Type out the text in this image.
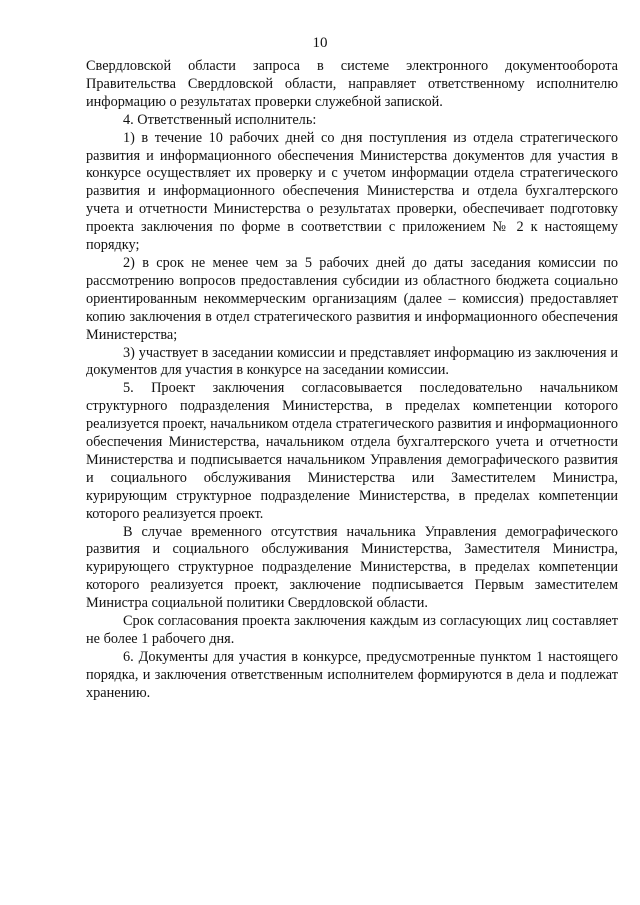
10

Свердловской области запроса в системе электронного документооборота Правительства Свердловской области, направляет ответственному исполнителю информацию о результатах проверки служебной запиской.

4. Ответственный исполнитель:

1) в течение 10 рабочих дней со дня поступления из отдела стратегического развития и информационного обеспечения Министерства документов для участия в конкурсе осуществляет их проверку и с учетом информации отдела стратегического развития и информационного обеспечения Министерства и отдела бухгалтерского учета и отчетности Министерства о результатах проверки, обеспечивает подготовку проекта заключения по форме в соответствии с приложением № 2 к настоящему порядку;

2) в срок не менее чем за 5 рабочих дней до даты заседания комиссии по рассмотрению вопросов предоставления субсидии из областного бюджета социально ориентированным некоммерческим организациям (далее – комиссия) предоставляет копию заключения в отдел стратегического развития и информационного обеспечения Министерства;

3) участвует в заседании комиссии и представляет информацию из заключения и документов для участия в конкурсе на заседании комиссии.

5. Проект заключения согласовывается последовательно начальником структурного подразделения Министерства, в пределах компетенции которого реализуется проект, начальником отдела стратегического развития и информационного обеспечения Министерства, начальником отдела бухгалтерского учета и отчетности Министерства и подписывается начальником Управления демографического развития и социального обслуживания Министерства или Заместителем Министра, курирующим структурное подразделение Министерства, в пределах компетенции которого реализуется проект.

В случае временного отсутствия начальника Управления демографического развития и социального обслуживания Министерства, Заместителя Министра, курирующего структурное подразделение Министерства, в пределах компетенции которого реализуется проект, заключение подписывается Первым заместителем Министра социальной политики Свердловской области.

Срок согласования проекта заключения каждым из согласующих лиц составляет не более 1 рабочего дня.

6. Документы для участия в конкурсе, предусмотренные пунктом 1 настоящего порядка, и заключения ответственным исполнителем формируются в дела и подлежат хранению.
